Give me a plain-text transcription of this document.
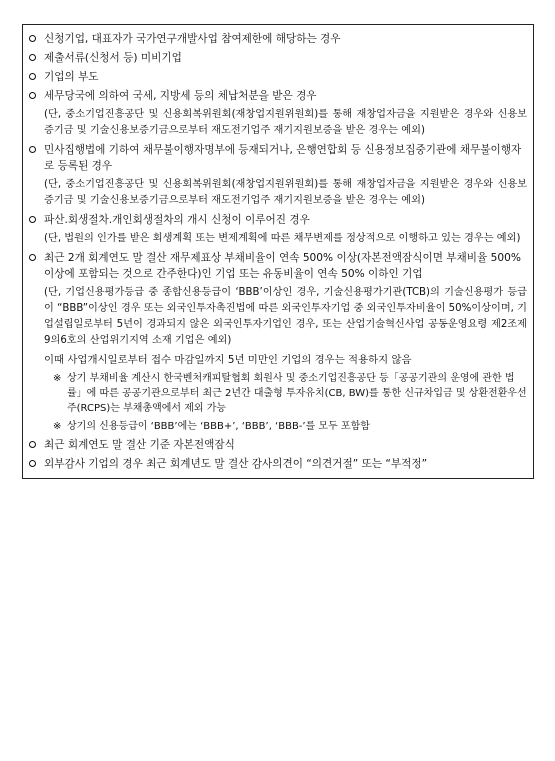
신청기업, 대표자가 국가연구개발사업 참여제한에 해당하는 경우
제출서류(신청서 등) 미비기업
기업의 부도
세무당국에 의하여 국세, 지방세 등의 체납처분을 받은 경우
(단, 중소기업진흥공단 및 신용회복위원회(재창업지원위원회)를 통해 재창업자금을 지원받은 경우와 신용보증기금 및 기술신용보증기금으로부터 재도전기업주 재기지원보증을 받은 경우는 예외)
민사집행법에 기하여 채무불이행자명부에 등재되거나, 은행연합회 등 신용정보집중기관에 채무불이행자로 등록된 경우
(단, 중소기업진흥공단 및 신용회복위원회(재창업지원위원회)를 통해 재창업자금을 지원받은 경우와 신용보증기금 및 기술신용보증기금으로부터 재도전기업주 재기지원보증을 받은 경우는 예외)
파산.회생절차.개인회생절차의 개시 신청이 이루어진 경우
(단, 법원의 인가를 받은 회생계획 또는 변제계획에 따른 채무변제를 정상적으로 이행하고 있는 경우는 예외)
최근 2개 회계연도 말 결산 재무제표상 부채비율이 연속 500% 이상(자본전액잠식이면 부채비율 500% 이상에 포함되는 것으로 간주한다)인 기업 또는 유동비율이 연속 50% 이하인 기업
(단, 기업신용평가등급 중 종합신용등급이 ‘BBB’이상인 경우, 기술신용평가기관(TCB)의 기술신용평가 등급이 “BBB”이상인 경우 또는 외국인투자촉진법에 따른 외국인투자기업 중 외국인투자비율이 50%이상이며, 기업설립일로부터 5년이 경과되지 않은 외국인투자기업인 경우, 또는 산업기술혁신사업 공동운영요령 제2조제9의6호의 산업위기지역 소재 기업은 예외)
이때 사업개시일로부터 접수 마감일까지 5년 미만인 기업의 경우는 적용하지 않음
※ 상기 부채비율 계산시 한국벤처캐피탈협회 회원사 및 중소기업진흥공단 등「공공기관의 운영에 관한 법률」에 따른 공공기관으로부터 최근 2년간 대출형 투자유치(CB, BW)를 통한 신규차입금 및 상환전환우선주(RCPS)는 부채총액에서 제외 가능
※ 상기의 신용등급이 ‘BBB’에는 ‘BBB+’, ‘BBB’, ‘BBB-’를 모두 포함함
최근 회계연도 말 결산 기준 자본전액잠식
외부감사 기업의 경우 최근 회계년도 말 결산 감사의견이 “의견거절” 또는 “부적정”
